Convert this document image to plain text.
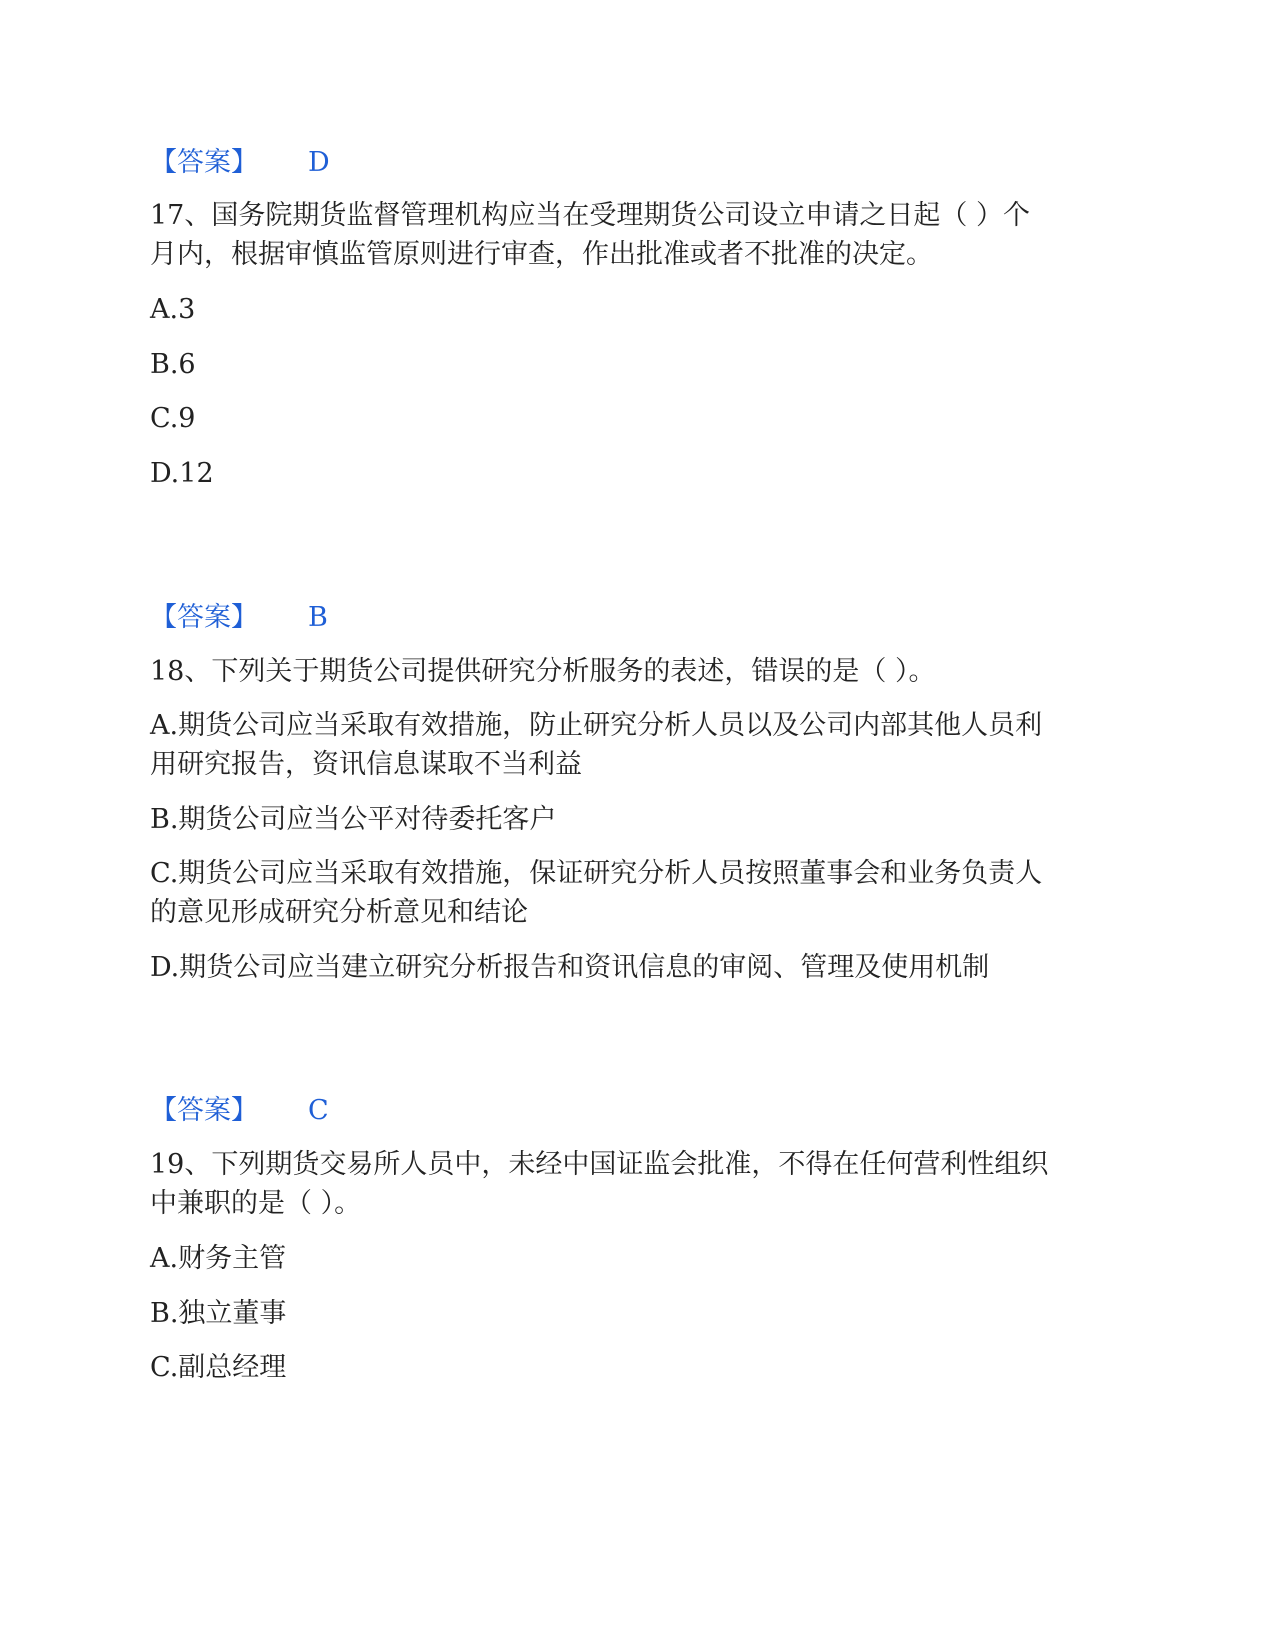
【答案】 D
17、国务院期货监督管理机构应当在受理期货公司设立申请之日起（ ）个
月内，根据审慎监管原则进行审查，作出批准或者不批准的决定。
A.3
B.6
C.9
D.12
【答案】 B
18、下列关于期货公司提供研究分析服务的表述，错误的是（ ）。
A.期货公司应当采取有效措施，防止研究分析人员以及公司内部其他人员利
用研究报告，资讯信息谋取不当利益
B.期货公司应当公平对待委托客户
C.期货公司应当采取有效措施，保证研究分析人员按照董事会和业务负责人
的意见形成研究分析意见和结论
D.期货公司应当建立研究分析报告和资讯信息的审阅、管理及使用机制
【答案】 C
19、下列期货交易所人员中，未经中国证监会批准，不得在任何营利性组织
中兼职的是（ ）。
A.财务主管
B.独立董事
C.副总经理
